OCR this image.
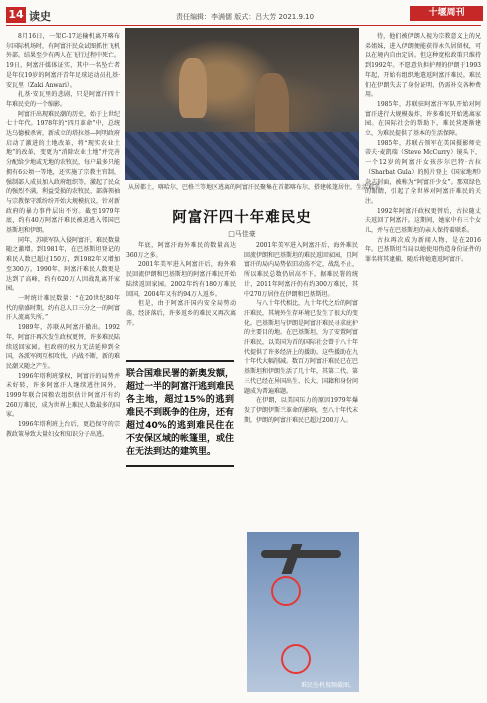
14 读史	责任编辑：李满儒 版式：吕大芳 2021.9.10	十堰周刊
从居都土，喀哈尔，巴格兰等地区逃离的阿富汗民聚集在首都喀布尔，搭建帐篷居住，生活艰辛。
阿富汗四十年难民史
□马佳豪

8月16日，一架C-17运输机离开喀布尔国际机场时，有阿富汗民众试图抓住飞机外部。结果至少有两人在飞行过程中死亡。19日，阿富汗媒体证实，其中一名坠亡者是年仅19岁的阿富汗青年足球运动员扎基·安瓦里（Zaki Anwari）。

扎基·安瓦里的悲剧，只是阿富汗四十年难民史的一个缩影。

阿富汗出现难民潮的历史，始于上世纪七十年代。1978年的“四月革命”中，总统达乌德被杀害，新成立的塔拉基—阿明政府启动了激进的土地改革，将“现实农业土地”的改革，变更为“消除农业土地”并完善分配给少地或无地的农牧民，每户最多只能拥有6公顷一等地，还实施了宗教主官制，强制部人成员加入政府组织等，激起了民众的强烈不满，利益受损的农牧民、部落领袖与宗教保守派纷纷开始大规模抗议，针对新政府的暴力事件层出不穷。截至1979年底，约有40万阿富汗难民被迫逃入邻国巴基斯坦和伊朗。

同年，苏联军队入侵阿富汗，难民数量随之激增。到1981年，在巴基斯坦登记的难民人数已超过150万，到1982年又增加至300万。1990年，阿富汗难民人数更是达到了高峰，约有620万人因战乱离开家园。

一时统计难民数量：“在20世纪80年代的鼎盛时期，约有总人口三分之一的阿富汗人流离失所。”

1989年，苏联从阿富汗撤出。1992年，阿富汗再次发生政权更替，许多难民陆续返回家园。但政府的权力无法延伸到全国，各派军阀互相攻伐，内战不断，新的难民潮又随之产生。

1996年塔利班掌权，阿富汗的局势并未好转，许多阿富汗人继续逃往国外，1999年联合国粮农组织估计阿富汗有约260万难民，成为世界上难民人数最多的国家。

1996年塔利班上台后，更趋保守的宗教政策导致大量妇女和知识分子出逃。

年底，阿富汗海外难民的数量高达360万之多。

2001年美军进入阿富汗后，海外难民回流伊朗和巴基斯坦的阿富汗难民开始陆续返回家园。2002年约有180万难民回国，2004年又有约94万人返乡。

但是，由于阿富汗国内安全局势动荡，经济落后，许多返乡的难民又再次离开。

联合国难民署的新奥发额，超过一半的阿富汗逃到难民各主地，超过15%的逃到难民不到既争的住房，还有超过40%的逃到难民住在不安保区域的帐篷里，或住在无法到达的建筑里。

2001年美军进入阿富汗后，海外难民回流伊朗和巴基斯坦的难民返回家园，且阿富汗的局内局势依旧动荡不定，战乱不止，所以难民总数仍居高不下。据难民署的统计，2011年阿富汗仍有约300万难民，其中270万居住在伊朗和巴基斯坦。

与八十年代相比，九十年代之后的阿富汗难民，其境外生存环境已发生了很大的变化。巴基斯坦与伊朗是阿富汗难民寻求庇护的主要目的地。在巴基斯坦，为了安置阿富汗难民，以美国为首的国际社会曾于八十年代提供了许多经济上的援助。这些援助在九十年代大幅削减。数百万阿富汗难民已在巴基斯坦和伊朗生活了几十年，其第二代、第三代已经在异国出生、长大，国籍和身份问题成为普遍难题。

在伊朗，以美国压力的原因1979年爆发了伊朗伊斯兰革命的影响，至八十年代末期，伊朗的阿富汗难民已超过200万人。

难民坠机视频截图。

待，他们被伊朗人视为宗教意义上的兄弟姐妹，进入伊朗便能获得永久居留权，可以在境内自由定居。但这种宽松政策只维持到1992年。不愿意负担护理的伊朗于1993年起，开始有组织地遣返阿富汗难民。难民们在伊朗失去了身份证明，仍需补交各种费用。

1985年，苏联驻阿富汗军队开始对阿富汗进行大规模轰炸，许多难民开始逃离家园。在国际社会的帮助下，难民营逐渐建立，为难民提供了基本的生活保障。

1985年，苏联占领军在美国摄影师史蒂夫·麦凯瑞（Steve McCurry）镜头下，一个12岁的阿富汗女孩莎尔巴特·古拉（Sharbat Gula）的照片登上《国家地理》杂志封面，被称为“阿富汗少女”。那双绿色的眼睛，引起了全世界对阿富汗难民的关注。

1992年阿富汗政权更替后，古拉随丈夫返回了阿富汗。这期间，她家中有三个女儿，并与在巴基斯坦的亲人保持着联系。

古拉再次成为新闻人物，是在2016年。巴基斯坦当局以她使用伪造身份证件的罪名将其逮捕，随后将她遣返阿富汗。
